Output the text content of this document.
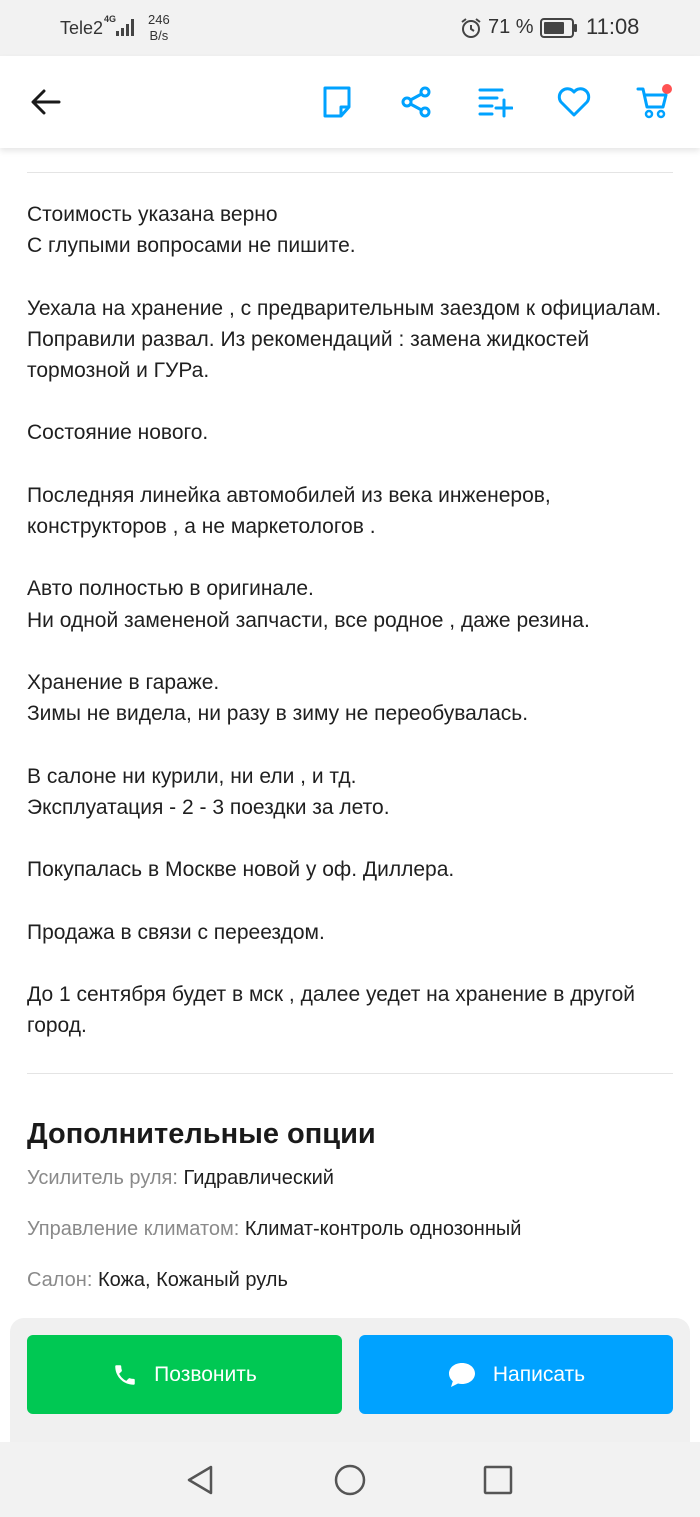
Tele2 4G 246
B/s	71 % 11:08
Стоимость указана верно
С глупыми вопросами не пишите.

Уехала на хранение , с предварительным заездом к официалам. Поправили развал. Из рекомендаций : замена жидкостей тормозной и ГУРа.

Состояние нового.

Последняя линейка автомобилей из века инженеров, конструкторов , а не маркетологов .

Авто полностью в оригинале.
Ни одной замененой запчасти, все родное , даже резина.

Хранение в гараже.
Зимы не видела, ни разу в зиму не переобувалась.

В салоне ни курили, ни ели , и тд.
Эксплуатация - 2 - 3 поездки за лето.

Покупалась в Москве новой у оф. Диллера.

Продажа в связи с переездом.

До 1 сентября будет в мск , далее уедет на хранение в другой город.
Дополнительные опции
Усилитель руля: Гидравлический
Управление климатом: Климат-контроль однозонный
Салон: Кожа, Кожаный руль
Позвонить	Написать
